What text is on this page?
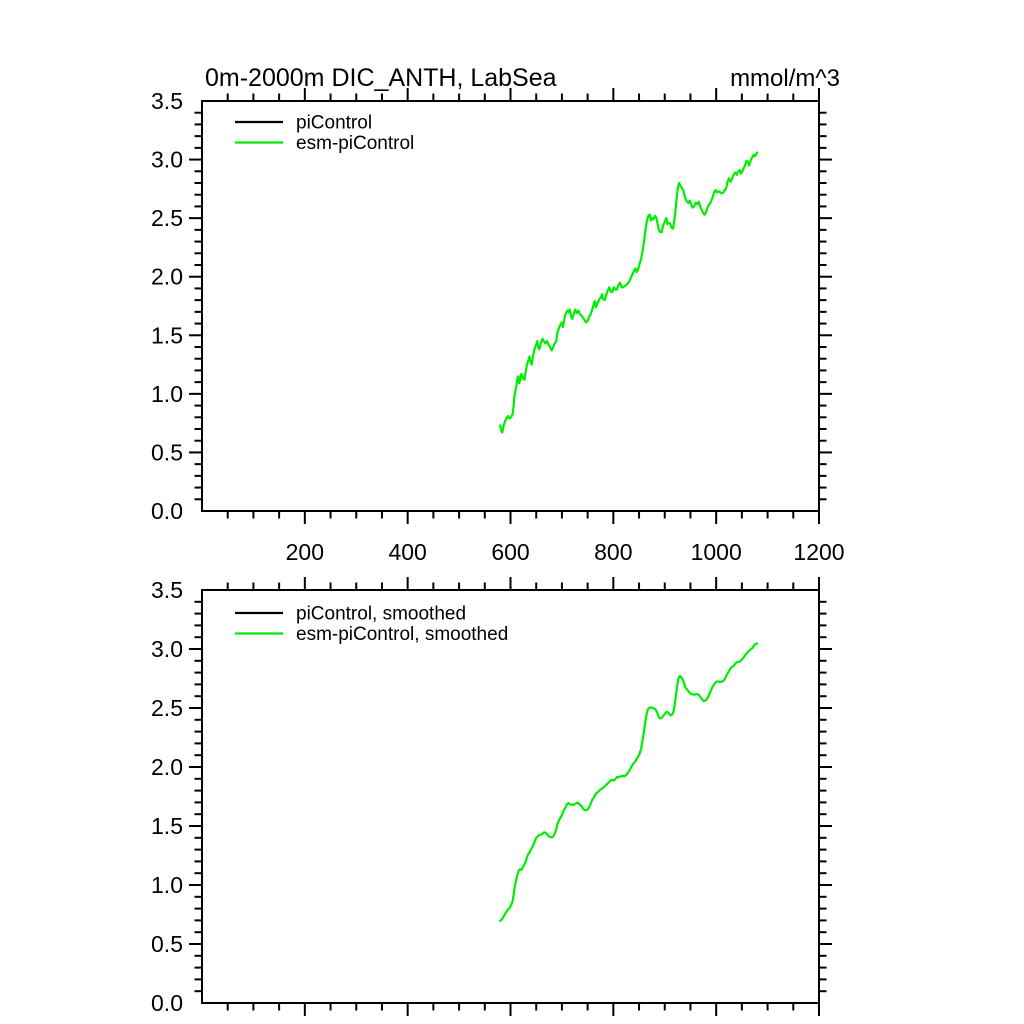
0m-2000m DIC_ANTH, LabSea	mmol/m^3
0.0
0.5
1.0
1.5
2.0
2.5
3.0
3.5
200	400	600	800	1000 1200
piControl
esm-piControl
0.0
0.5
1.0
1.5
2.0
2.5
3.0
3.5
piControl, smoothed
esm-piControl, smoothed
